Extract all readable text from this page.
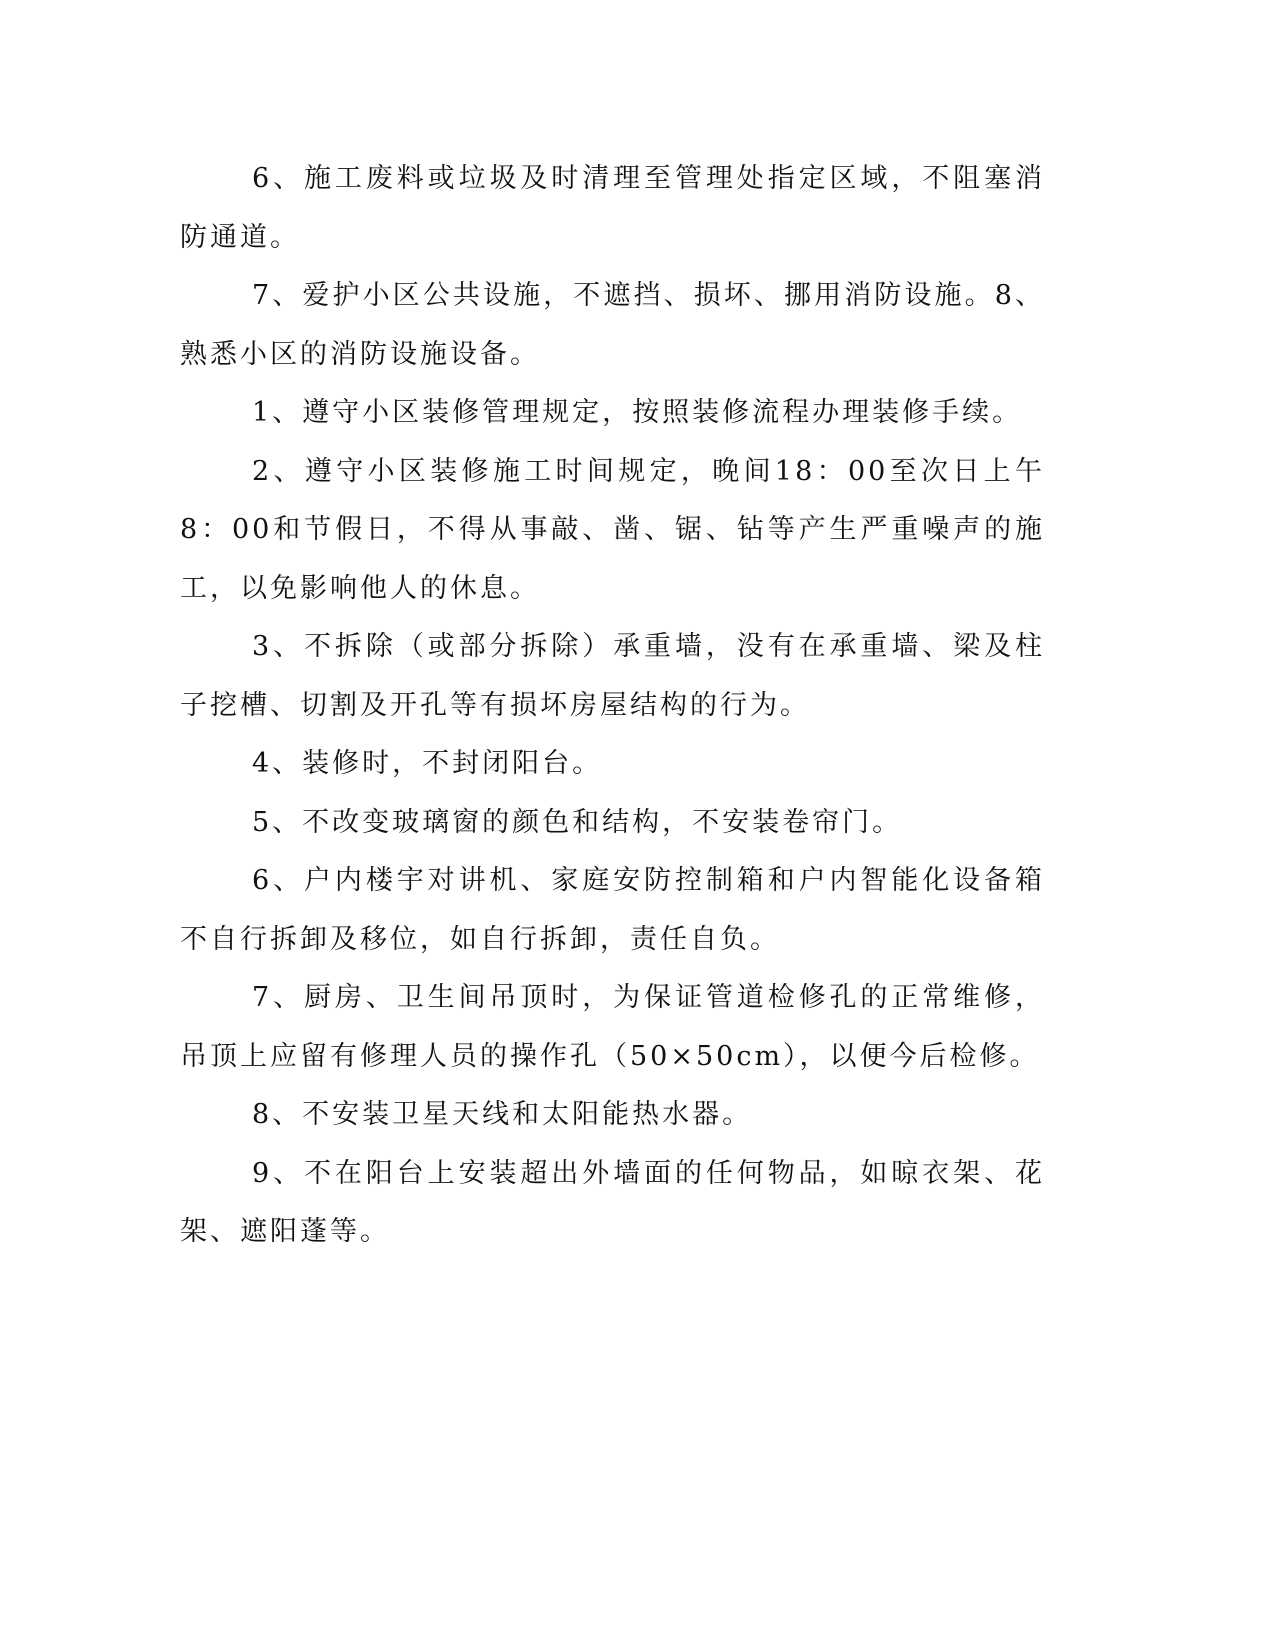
6、施工废料或垃圾及时清理至管理处指定区域，不阻塞消防通道。

7、爱护小区公共设施，不遮挡、损坏、挪用消防设施。8、熟悉小区的消防设施设备。

1、遵守小区装修管理规定，按照装修流程办理装修手续。

2、遵守小区装修施工时间规定，晚间18：00至次日上午8：00和节假日，不得从事敲、凿、锯、钻等产生严重噪声的施工，以免影响他人的休息。

3、不拆除（或部分拆除）承重墙，没有在承重墙、梁及柱子挖槽、切割及开孔等有损坏房屋结构的行为。

4、装修时，不封闭阳台。

5、不改变玻璃窗的颜色和结构，不安装卷帘门。

6、户内楼宇对讲机、家庭安防控制箱和户内智能化设备箱不自行拆卸及移位，如自行拆卸，责任自负。

7、厨房、卫生间吊顶时，为保证管道检修孔的正常维修，吊顶上应留有修理人员的操作孔（50×50cm），以便今后检修。

8、不安装卫星天线和太阳能热水器。

9、不在阳台上安装超出外墙面的任何物品，如晾衣架、花架、遮阳蓬等。
